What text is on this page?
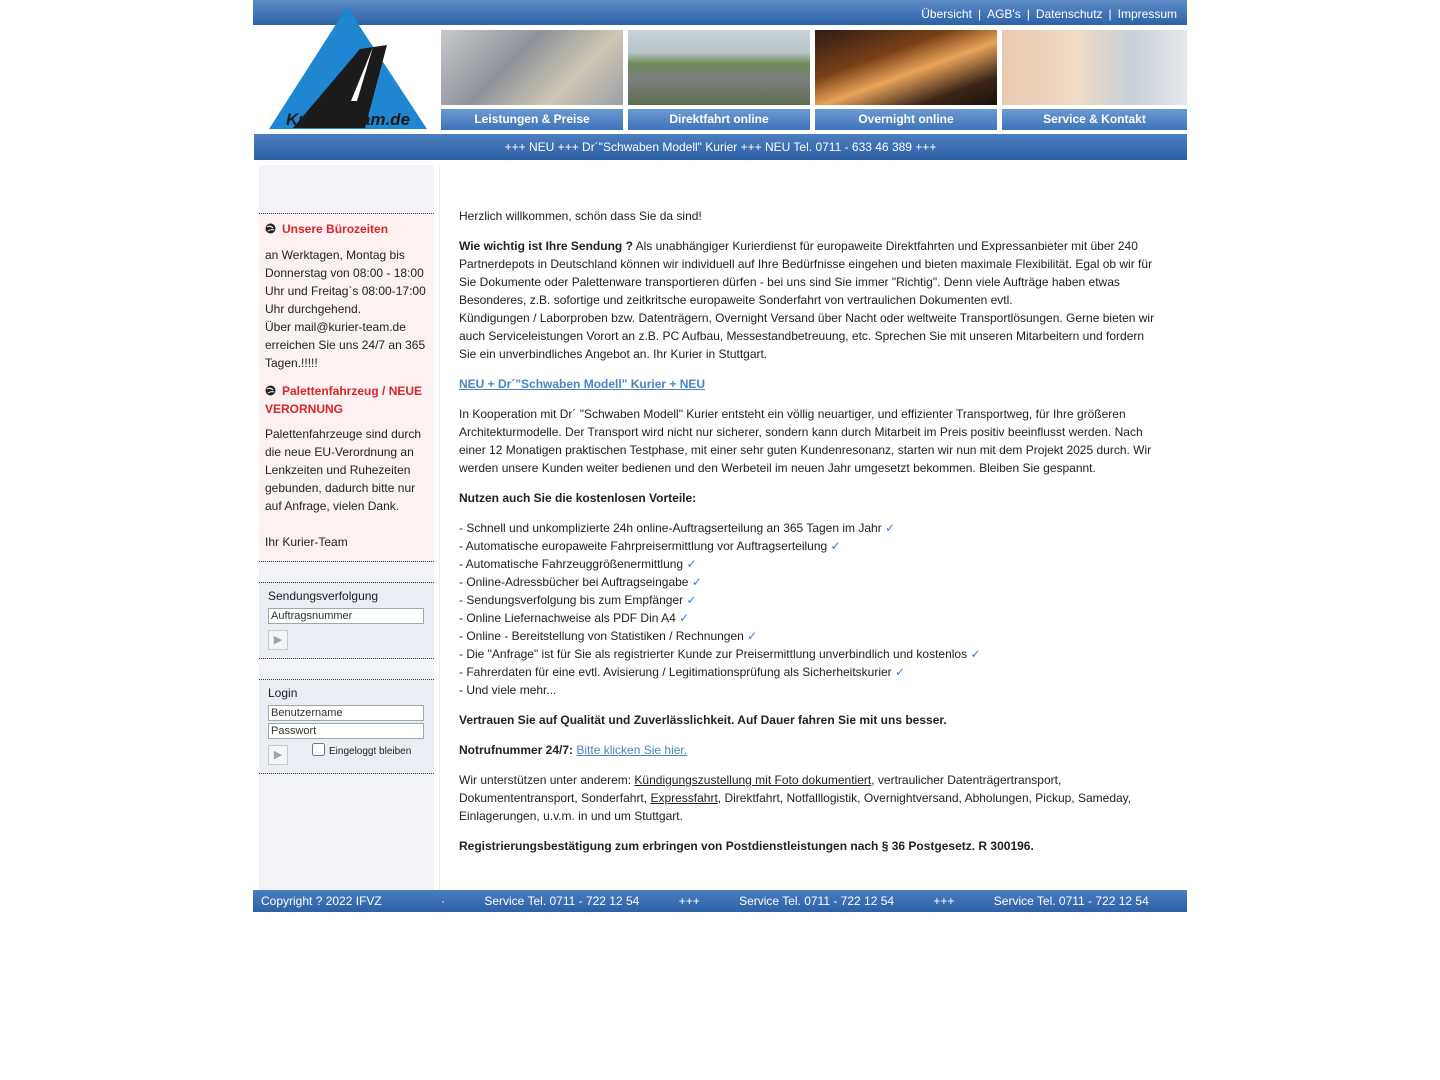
Übersicht | AGB's | Datenschutz | Impressum
Kurier-Team.de	Leistungen & Preise	Direktfahrt online	Overnight online	Service & Kontakt
+++ NEU +++ Dr´"Schwaben Modell" Kurier +++ NEU Tel. 0711 - 633 46 389 +++
Unsere Bürozeiten
an Werktagen, Montag bis Donnerstag von 08:00 - 18:00 Uhr und Freitag`s 08:00-17:00 Uhr durchgehend.
Über mail@kurier-team.de erreichen Sie uns 24/7 an 365 Tagen.!!!!!
Palettenfahrzeug / NEUE VERORNUNG
Palettenfahrzeuge sind durch die neue EU-Verordnung an Lenkzeiten und Ruhezeiten gebunden, dadurch bitte nur auf Anfrage, vielen Dank.
Ihr Kurier-Team
Sendungsverfolgung
Auftragsnummer
▶
Login
Benutzername Passwort
▶	Eingeloggt bleiben

Herzlich willkommen, schön dass Sie da sind!

Wie wichtig ist Ihre Sendung ? Als unabhängiger Kurierdienst für europaweite Direktfahrten und Expressanbieter mit über 240 Partnerdepots in Deutschland können wir individuell auf Ihre Bedürfnisse eingehen und bieten maximale Flexibilität. Egal ob wir für Sie Dokumente oder Palettenware transportieren dürfen - bei uns sind Sie immer "Richtig". Denn viele Aufträge haben etwas Besonderes, z.B. sofortige und zeitkritsche europaweite Sonderfahrt von vertraulichen Dokumenten evtl.
Kündigungen / Laborproben bzw. Datenträgern, Overnight Versand über Nacht oder weltweite Transportlösungen. Gerne bieten wir auch Serviceleistungen Vorort an z.B. PC Aufbau, Messestandbetreuung, etc. Sprechen Sie mit unseren Mitarbeitern und fordern Sie ein unverbindliches Angebot an. Ihr Kurier in Stuttgart.

NEU + Dr´"Schwaben Modell" Kurier + NEU

In Kooperation mit Dr´ "Schwaben Modell" Kurier entsteht ein völlig neuartiger, und effizienter Transportweg, für Ihre größeren Architekturmodelle. Der Transport wird nicht nur sicherer, sondern kann durch Mitarbeit im Preis positiv beeinflusst werden. Nach einer 12 Monatigen praktischen Testphase, mit einer sehr guten Kundenresonanz, starten wir nun mit dem Projekt 2025 durch. Wir werden unsere Kunden weiter bedienen und den Werbeteil im neuen Jahr umgesetzt bekommen. Bleiben Sie gespannt.

Nutzen auch Sie die kostenlosen Vorteile:

- Schnell und unkompliziertе 24h online-Auftragserteilung an 365 Tagen im Jahr ✓
- Automatische europaweite Fahrpreisermittlung vor Auftragserteilung ✓
- Automatische Fahrzeuggrößenermittlung ✓
- Online-Adressbücher bei Auftragseingabe ✓
- Sendungsverfolgung bis zum Empfänger ✓
- Online Liefernachweise als PDF Din A4 ✓
- Online - Bereitstellung von Statistiken / Rechnungen ✓
- Die "Anfrage" ist für Sie als registrierter Kunde zur Preisermittlung unverbindlich und kostenlos ✓
- Fahrerdaten für eine evtl. Avisierung / Legitimationsprüfung als Sicherheitskurier ✓
- Und viele mehr...

Vertrauen Sie auf Qualität und Zuverlässlichkeit. Auf Dauer fahren Sie mit uns besser.

Notrufnummer 24/7: Bitte klicken Sie hier.

Wir unterstützen unter anderem: Kündigungszustellung mit Foto dokumentiert, vertraulicher Datenträgertransport, Dokumententransport, Sonderfahrt, Expressfahrt, Direktfahrt, Notfalllogistik, Overnightversand, Abholungen, Pickup, Sameday, Einlagerungen, u.v.m. in und um Stuttgart.

Registrierungsbestätigung zum erbringen von Postdienstleistungen nach § 36 Postgesetz. R 300196.

Copyright ? 2022 IFVZ	·	Service Tel. 0711 - 722 12 54	+++	Service Tel. 0711 - 722 12 54	+++	Service Tel. 0711 - 722 12 54	+++
